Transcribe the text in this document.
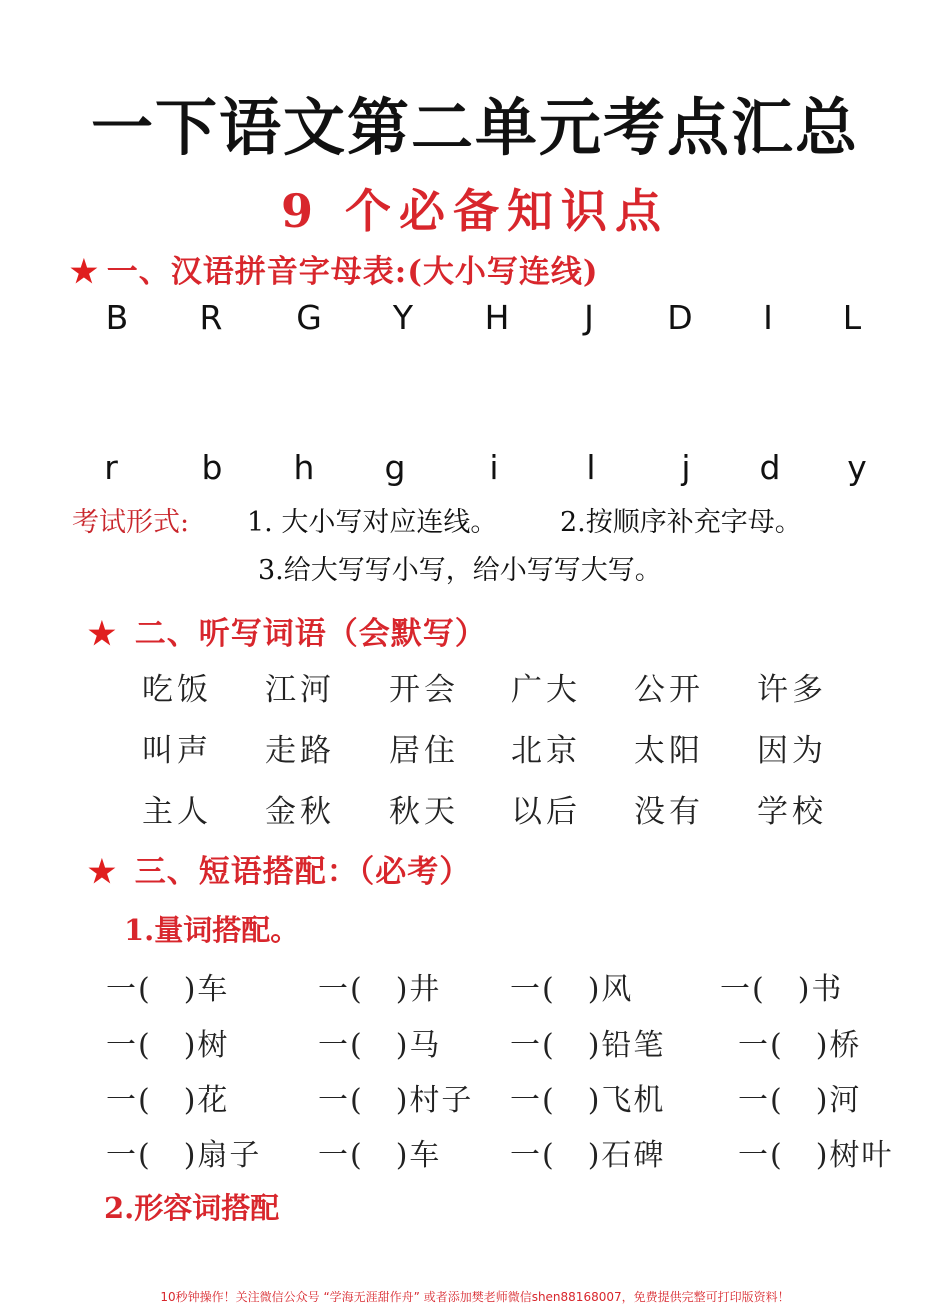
一下语文第二单元考点汇总
9 个必备知识点
★ 一、汉语拼音字母表:(大小写连线)
B R G Y H J D I L
r	b h g	i	l	j d y
考试形式: 1. 大小写对应连线。 2.按顺序补充字母。
3.给大写写小写，给小写写大写。
★ 二、听写词语（会默写）
吃饭 江河 开会 广大 公开 许多
叫声 走路 居住 北京 太阳 因为
主人 金秋 秋天 以后 没有 学校
★ 三、短语搭配：（必考）
1.量词搭配。
一(　)车	一(　)井 一(　)风	一(　)书
一(　)树	一(　)马 一(　)铅笔 一(　)桥
一(　)花	一(　)村子 一(　)飞机 一(　)河
一(　)扇子 一(　)车 一(　)石碑 一(　)树叶
2.形容词搭配
10秒钟操作！关注微信公众号 “学海无涯甜作舟” 或者添加樊老师微信shen88168007，免费提供完整可打印版资料！
